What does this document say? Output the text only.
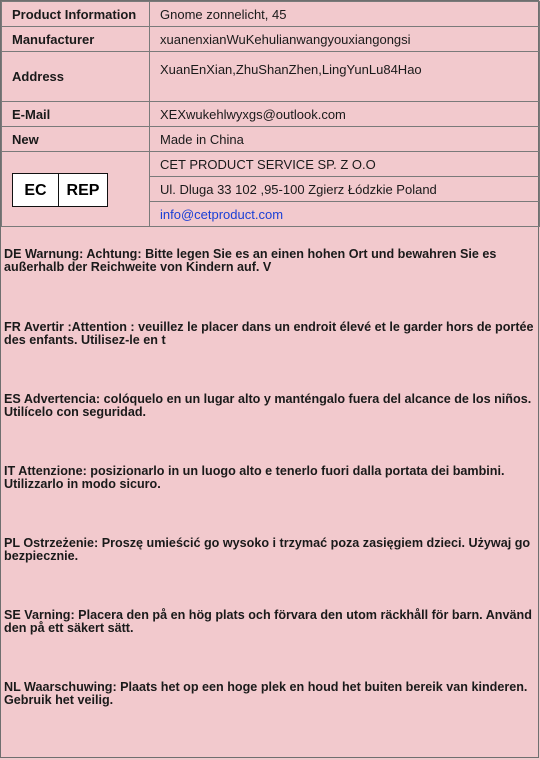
Product Information	Gnome zonnelicht, 45
Manufacturer	xuanenxianWuKehulianwangyouxiangongsi
Address	XuanEnXian,ZhuShanZhen,LingYunLu84Hao
E-Mail	XEXwukehlwyxgs@outlook.com
New	Made in China

EC REP	CET PRODUCT SERVICE SP. Z O.O
	Ul. Dluga 33 102 ,95-100 Zgierz Łódzkie Poland
	info@cetproduct.com

DE Warnung: Achtung: Bitte legen Sie es an einen hohen Ort und bewahren Sie es außerhalb der Reichweite von Kindern auf. V

FR Avertir :Attention : veuillez le placer dans un endroit élevé et le garder hors de portée des enfants. Utilisez-le en t

ES Advertencia: colóquelo en un lugar alto y manténgalo fuera del alcance de los niños. Utilícelo con seguridad.

IT Attenzione: posizionarlo in un luogo alto e tenerlo fuori dalla portata dei bambini. Utilizzarlo in modo sicuro.

PL Ostrzeżenie: Proszę umieścić go wysoko i trzymać poza zasięgiem dzieci. Używaj go bezpiecznie.

SE Varning: Placera den på en hög plats och förvara den utom räckhåll för barn. Använd den på ett säkert sätt.

NL Waarschuwing: Plaats het op een hoge plek en houd het buiten bereik van kinderen. Gebruik het veilig.
